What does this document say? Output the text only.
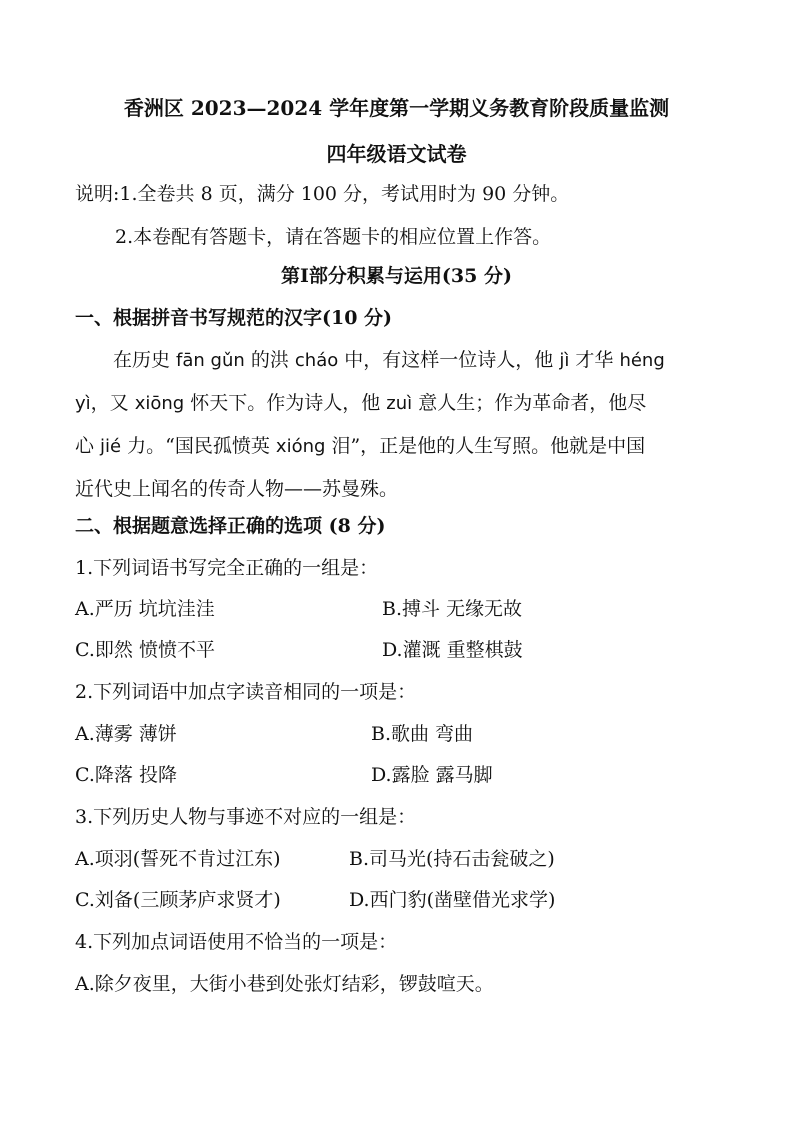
香洲区 2023—2024 学年度第一学期义务教育阶段质量监测
四年级语文试卷
说明:1.全卷共 8 页，满分 100 分，考试用时为 90 分钟。
2.本卷配有答题卡，请在答题卡的相应位置上作答。
第Ⅰ部分积累与运用(35 分)
一、根据拼音书写规范的汉字(10 分)

在历史 fān gǔn 的洪 cháo 中，有这样一位诗人，他 jì 才华 héng

yì，又 xiōng 怀天下。作为诗人，他 zuì 意人生；作为革命者，他尽

心 jié 力。“国民孤愤英 xióng 泪”，正是他的人生写照。他就是中国

近代史上闻名的传奇人物——苏曼殊。

二、根据题意选择正确的选项 (8 分)
1.下列词语书写完全正确的一组是：
A.严历 坑坑洼洼	B.搏斗 无缘无故
C.即然 愤愤不平	D.灌溉 重整棋鼓
2.下列词语中加点字读音相同的一项是：
A.薄雾 薄饼	B.歌曲 弯曲
C.降落 投降	D.露脸 露马脚
3.下列历史人物与事迹不对应的一组是：
A.项羽(誓死不肯过江东)	B.司马光(持石击瓮破之)
C.刘备(三顾茅庐求贤才)	D.西门豹(凿壁借光求学)
4.下列加点词语使用不恰当的一项是：
A.除夕夜里，大街小巷到处张灯结彩，锣鼓喧天。
